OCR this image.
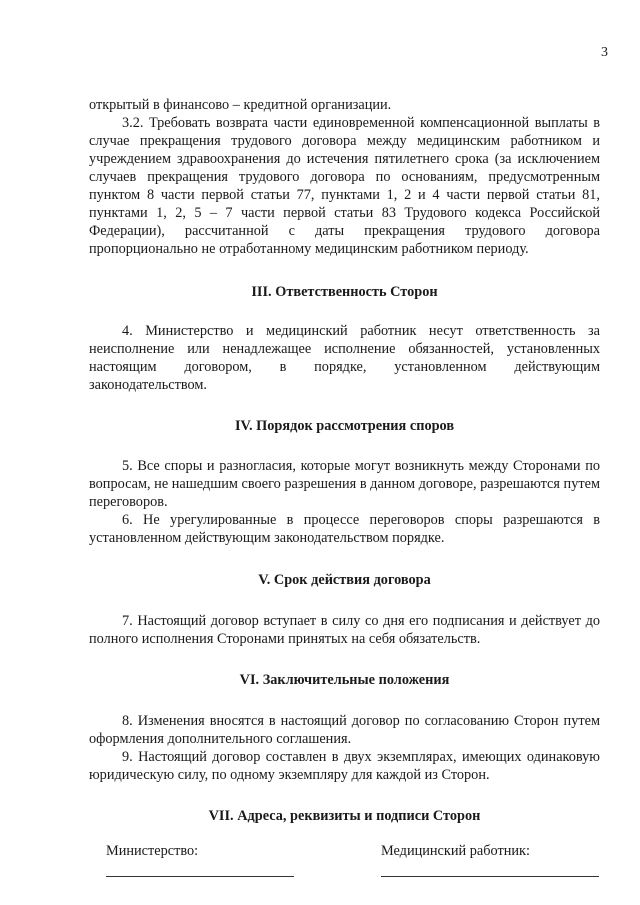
3

открытый в финансово – кредитной организации.

3.2. Требовать возврата части единовременной компенсационной выплаты в случае прекращения трудового договора между медицинским работником и учреждением здравоохранения до истечения пятилетнего срока (за исключением случаев прекращения трудового договора по основаниям, предусмотренным пунктом 8 части первой статьи 77, пунктами 1, 2 и 4 части первой статьи 81, пунктами 1, 2, 5 – 7 части первой статьи 83 Трудового кодекса Российской Федерации), рассчитанной с даты прекращения трудового договора пропорционально не отработанному медицинским работником периоду.

III. Ответственность Сторон

4. Министерство и медицинский работник несут ответственность за неисполнение или ненадлежащее исполнение обязанностей, установленных настоящим договором, в порядке, установленном действующим законодательством.

IV. Порядок рассмотрения споров

5. Все споры и разногласия, которые могут возникнуть между Сторонами по вопросам, не нашедшим своего разрешения в данном договоре, разрешаются путем переговоров.

6. Не урегулированные в процессе переговоров споры разрешаются в установленном действующим законодательством порядке.

V. Срок действия договора

7. Настоящий договор вступает в силу со дня его подписания и действует до полного исполнения Сторонами принятых на себя обязательств.

VI. Заключительные положения

8. Изменения вносятся в настоящий договор по согласованию Сторон путем оформления дополнительного соглашения.

9. Настоящий договор составлен в двух экземплярах, имеющих одинаковую юридическую силу, по одному экземпляру для каждой из Сторон.

VII. Адреса, реквизиты и подписи Сторон
Министерство:	Медицинский работник:
